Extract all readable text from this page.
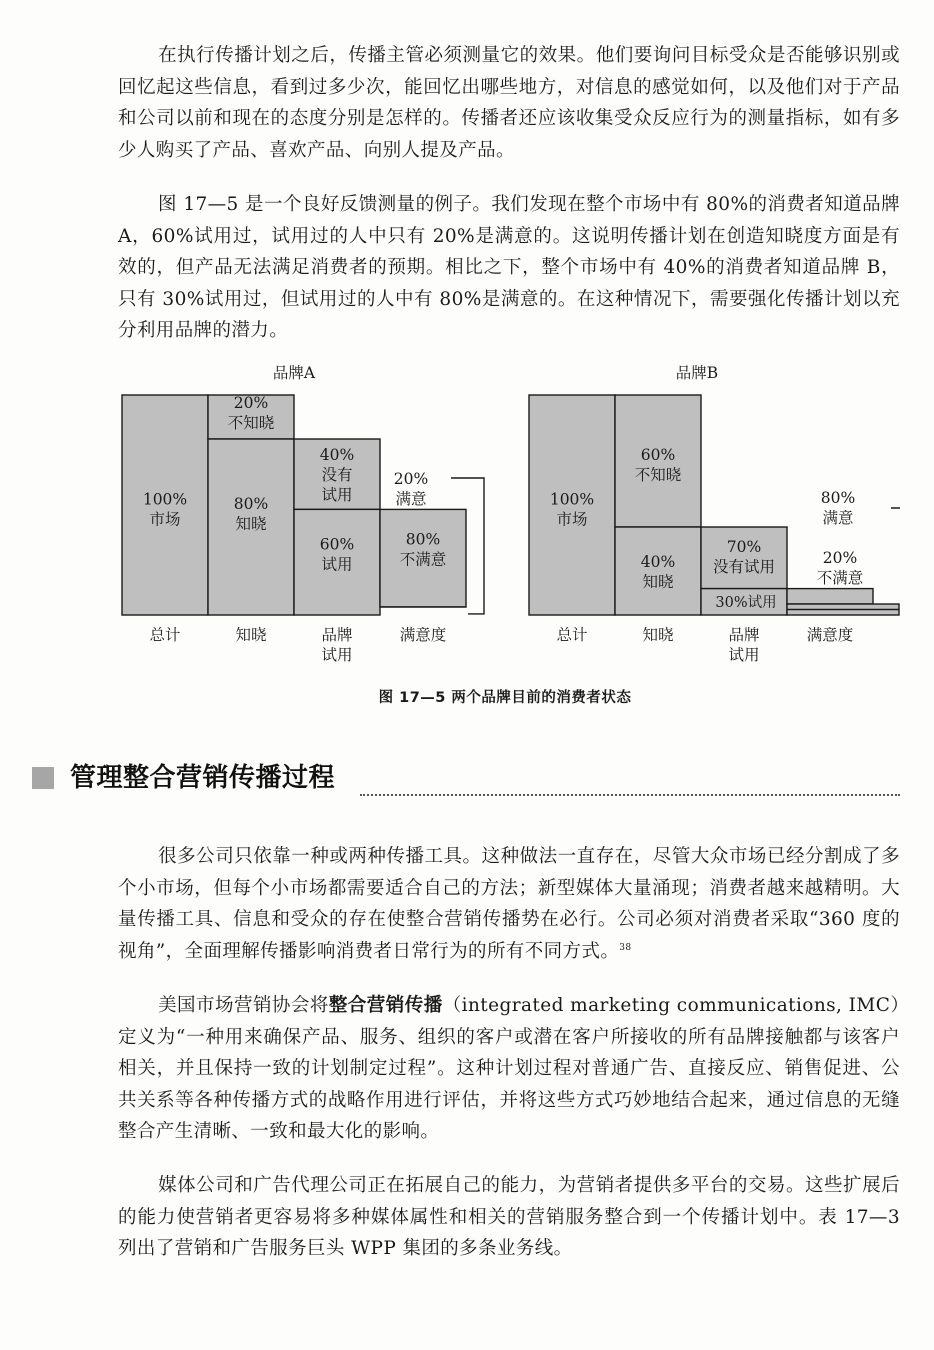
在执行传播计划之后，传播主管必须测量它的效果。他们要询问目标受众是否能够识别或回忆起这些信息，看到过多少次，能回忆出哪些地方，对信息的感觉如何，以及他们对于产品和公司以前和现在的态度分别是怎样的。传播者还应该收集受众反应行为的测量指标，如有多少人购买了产品、喜欢产品、向别人提及产品。

图 17—5 是一个良好反馈测量的例子。我们发现在整个市场中有 80%的消费者知道品牌 A，60%试用过，试用过的人中只有 20%是满意的。这说明传播计划在创造知晓度方面是有效的，但产品无法满足消费者的预期。相比之下，整个市场中有 40%的消费者知道品牌 B，只有 30%试用过，但试用过的人中有 80%是满意的。在这种情况下，需要强化传播计划以充分利用品牌的潜力。

品牌A
100%
市场
20%
不知晓
80%
知晓
40%
没有
试用
60%
试用
80%
不满意
20%
满意
总计	知晓	品牌
试用
满意度
品牌B
100%
市场
60%
不知晓
40%
知晓
70%
没有试用
30%试用
80%
满意
20%
不满意
总计	知晓	品牌
试用
满意度
图 17—5 两个品牌目前的消费者状态
管理整合营销传播过程

很多公司只依靠一种或两种传播工具。这种做法一直存在，尽管大众市场已经分割成了多个小市场，但每个小市场都需要适合自己的方法；新型媒体大量涌现；消费者越来越精明。大量传播工具、信息和受众的存在使整合营销传播势在必行。公司必须对消费者采取“360 度的视角”，全面理解传播影响消费者日常行为的所有不同方式。$^{38}$

美国市场营销协会将整合营销传播（integrated marketing communications, IMC）定义为“一种用来确保产品、服务、组织的客户或潜在客户所接收的所有品牌接触都与该客户相关，并且保持一致的计划制定过程”。这种计划过程对普通广告、直接反应、销售促进、公共关系等各种传播方式的战略作用进行评估，并将这些方式巧妙地结合起来，通过信息的无缝整合产生清晰、一致和最大化的影响。

媒体公司和广告代理公司正在拓展自己的能力，为营销者提供多平台的交易。这些扩展后的能力使营销者更容易将多种媒体属性和相关的营销服务整合到一个传播计划中。表 17—3 列出了营销和广告服务巨头 WPP 集团的多条业务线。
